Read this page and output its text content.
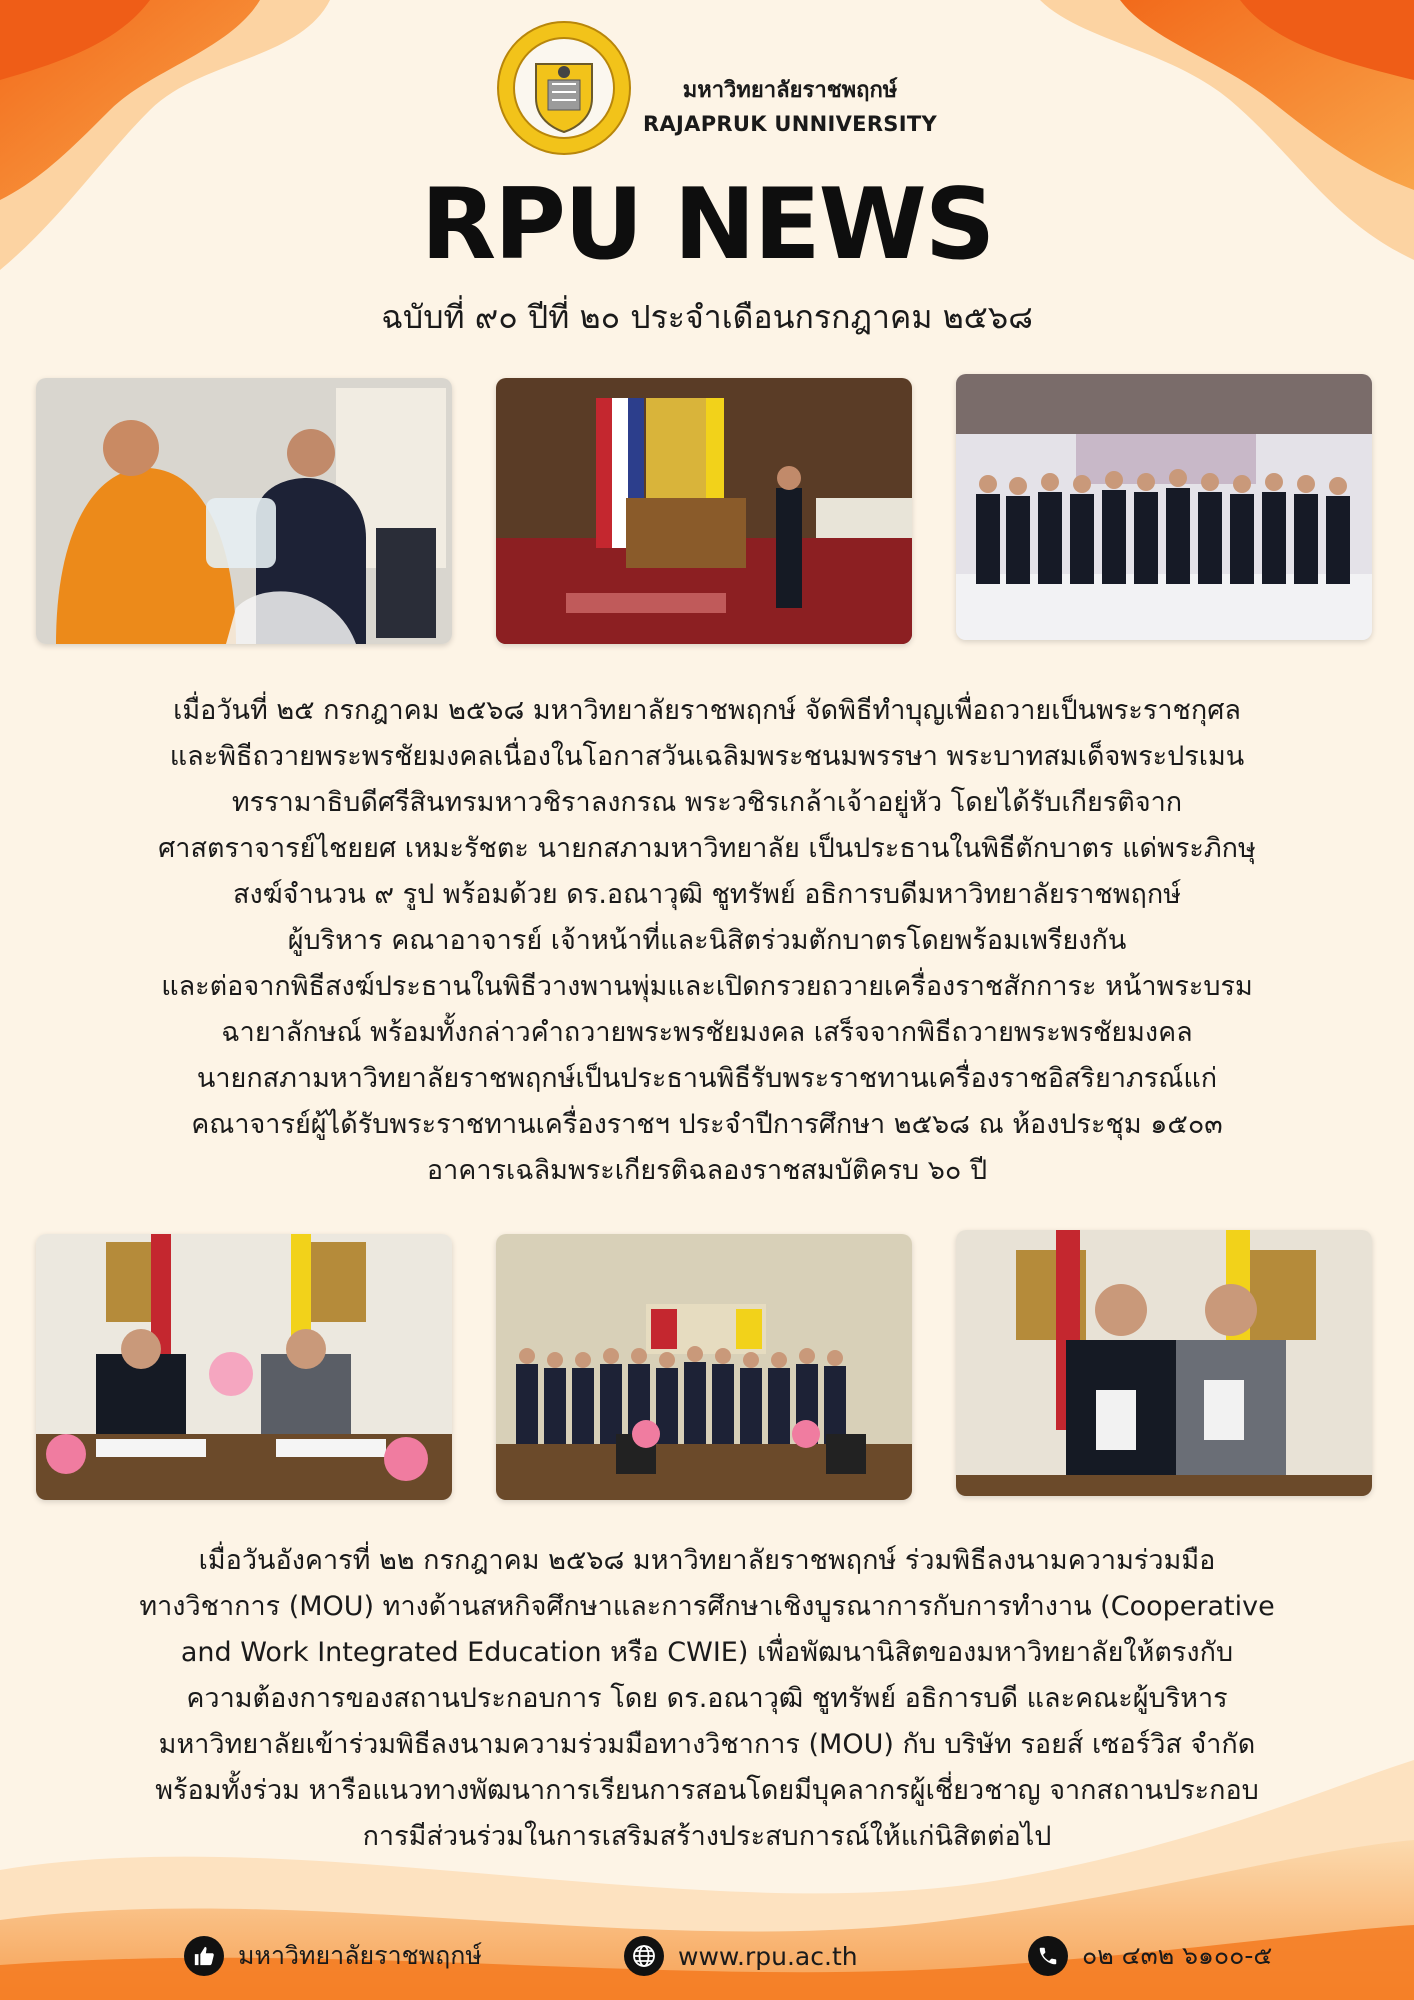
มหาวิทยาลัยราชพฤกษ์
RAJAPRUK UNNIVERSITY
RPU NEWS
ฉบับที่ ๙๐ ปีที่ ๒๐ ประจำเดือนกรกฎาคม ๒๕๖๘
เมื่อวันที่ ๒๕ กรกฎาคม ๒๕๖๘ มหาวิทยาลัยราชพฤกษ์ จัดพิธีทำบุญเพื่อถวายเป็นพระราชกุศล
และพิธีถวายพระพรชัยมงคลเนื่องในโอกาสวันเฉลิมพระชนมพรรษา พระบาทสมเด็จพระปรเมน
ทรรามาธิบดีศรีสินทรมหาวชิราลงกรณ พระวชิรเกล้าเจ้าอยู่หัว โดยได้รับเกียรติจาก
ศาสตราจารย์ไชยยศ เหมะรัชตะ นายกสภามหาวิทยาลัย เป็นประธานในพิธีตักบาตร แด่พระภิกษุ
สงฆ์จำนวน ๙ รูป พร้อมด้วย ดร.อณาวุฒิ ชูทรัพย์ อธิการบดีมหาวิทยาลัยราชพฤกษ์
ผู้บริหาร คณาอาจารย์ เจ้าหน้าที่และนิสิตร่วมตักบาตรโดยพร้อมเพรียงกัน
และต่อจากพิธีสงฆ์ประธานในพิธีวางพานพุ่มและเปิดกรวยถวายเครื่องราชสักการะ หน้าพระบรม
ฉายาลักษณ์ พร้อมทั้งกล่าวคำถวายพระพรชัยมงคล เสร็จจากพิธีถวายพระพรชัยมงคล
นายกสภามหาวิทยาลัยราชพฤกษ์เป็นประธานพิธีรับพระราชทานเครื่องราชอิสริยาภรณ์แก่
คณาจารย์ผู้ได้รับพระราชทานเครื่องราชฯ ประจำปีการศึกษา ๒๕๖๘ ณ ห้องประชุม ๑๕๐๓
อาคารเฉลิมพระเกียรติฉลองราชสมบัติครบ ๖๐ ปี
เมื่อวันอังคารที่ ๒๒ กรกฎาคม ๒๕๖๘ มหาวิทยาลัยราชพฤกษ์ ร่วมพิธีลงนามความร่วมมือ
ทางวิชาการ (MOU) ทางด้านสหกิจศึกษาและการศึกษาเชิงบูรณาการกับการทำงาน (Cooperative
and Work Integrated Education หรือ CWIE) เพื่อพัฒนานิสิตของมหาวิทยาลัยให้ตรงกับ
ความต้องการของสถานประกอบการ โดย ดร.อณาวุฒิ ชูทรัพย์ อธิการบดี และคณะผู้บริหาร
มหาวิทยาลัยเข้าร่วมพิธีลงนามความร่วมมือทางวิชาการ (MOU) กับ บริษัท รอยส์ เซอร์วิส จำกัด
พร้อมทั้งร่วม หารือแนวทางพัฒนาการเรียนการสอนโดยมีบุคลากรผู้เชี่ยวชาญ จากสถานประกอบ
การมีส่วนร่วมในการเสริมสร้างประสบการณ์ให้แก่นิสิตต่อไป
มหาวิทยาลัยราชพฤกษ์	www.rpu.ac.th	๐๒ ๔๓๒ ๖๑๐๐-๕
